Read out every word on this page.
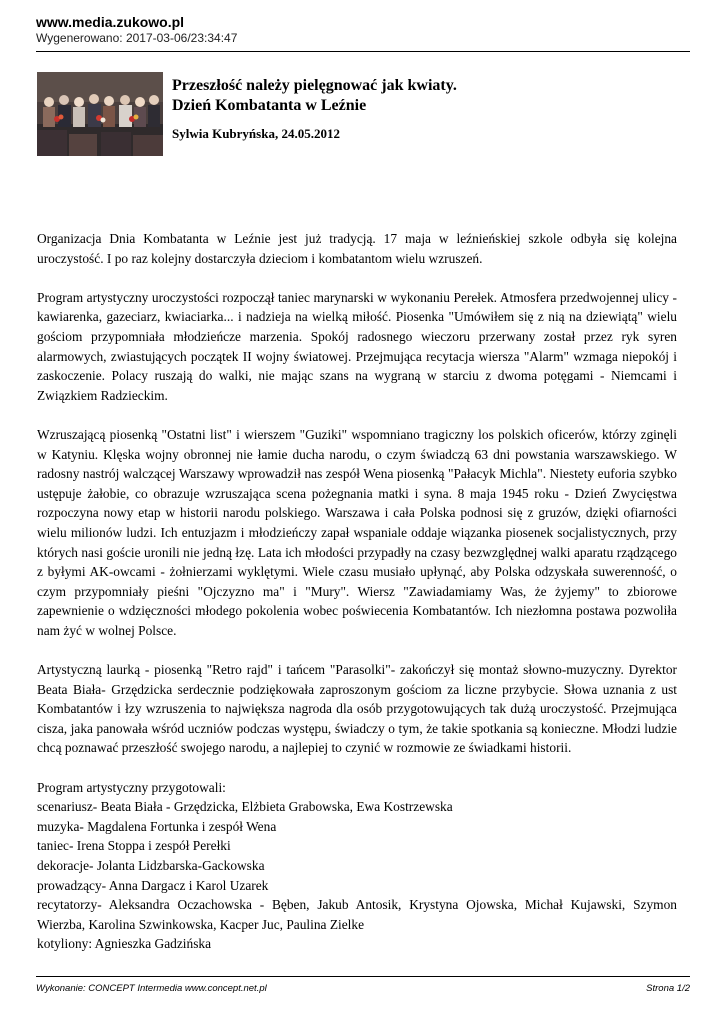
www.media.zukowo.pl
Wygenerowano: 2017-03-06/23:34:47
Przeszłość należy pielęgnować jak kwiaty.
Dzień Kombatanta w Leźnie
Sylwia Kubryńska, 24.05.2012

Organizacja Dnia Kombatanta w Leźnie jest już tradycją. 17 maja w leźnieńskiej szkole odbyła się kolejna uroczystość. I po raz kolejny dostarczyła dzieciom i kombatantom wielu wzruszeń.

Program artystyczny uroczystości rozpoczął taniec marynarski w wykonaniu Perełek. Atmosfera przedwojennej ulicy - kawiarenka, gazeciarz, kwiaciarka... i nadzieja na wielką miłość. Piosenka "Umówiłem się z nią na dziewiątą" wielu gościom przypomniała młodzieńcze marzenia. Spokój radosnego wieczoru przerwany został przez ryk syren alarmowych, zwiastujących początek II wojny światowej. Przejmująca recytacja wiersza "Alarm" wzmaga niepokój i zaskoczenie. Polacy ruszają do walki, nie mając szans na wygraną w starciu z dwoma potęgami - Niemcami i Związkiem Radzieckim.

Wzruszającą piosenką "Ostatni list" i wierszem "Guziki" wspomniano tragiczny los polskich oficerów, którzy zginęli w Katyniu. Klęska wojny obronnej nie łamie ducha narodu, o czym świadczą 63 dni powstania warszawskiego. W radosny nastrój walczącej Warszawy wprowadził nas zespół Wena piosenką "Pałacyk Michla". Niestety euforia szybko ustępuje żałobie, co obrazuje wzruszająca scena pożegnania matki i syna. 8 maja 1945 roku - Dzień Zwycięstwa rozpoczyna nowy etap w historii narodu polskiego. Warszawa i cała Polska podnosi się z gruzów, dzięki ofiarności wielu milionów ludzi. Ich entuzjazm i młodzieńczy zapał wspaniale oddaje wiązanka piosenek socjalistycznych, przy których nasi goście uronili nie jedną łzę. Lata ich młodości przypadły na czasy bezwzględnej walki aparatu rządzącego z byłymi AK-owcami - żołnierzami wyklętymi. Wiele czasu musiało upłynąć, aby Polska odzyskała suwerenność, o czym przypomniały pieśni "Ojczyzno ma" i "Mury". Wiersz "Zawiadamiamy Was, że żyjemy" to zbiorowe zapewnienie o wdzięczności młodego pokolenia wobec poświecenia Kombatantów. Ich niezłomna postawa pozwoliła nam żyć w wolnej Polsce.

Artystyczną laurką - piosenką "Retro rajd" i tańcem "Parasolki"- zakończył się montaż słowno-muzyczny. Dyrektor Beata Biała- Grzędzicka serdecznie podziękowała zaproszonym gościom za liczne przybycie. Słowa uznania z ust Kombatantów i łzy wzruszenia to największa nagroda dla osób przygotowujących tak dużą uroczystość. Przejmująca cisza, jaka panowała wśród uczniów podczas występu, świadczy o tym, że takie spotkania są konieczne. Młodzi ludzie chcą poznawać przeszłość swojego narodu, a najlepiej to czynić w rozmowie ze świadkami historii.

Program artystyczny przygotowali:
scenariusz- Beata Biała - Grzędzicka, Elżbieta Grabowska, Ewa Kostrzewska
muzyka- Magdalena Fortunka i zespół Wena
taniec- Irena Stoppa i zespół Perełki
dekoracje- Jolanta Lidzbarska-Gackowska
prowadzący- Anna Dargacz i Karol Uzarek
recytatorzy- Aleksandra Oczachowska - Bęben, Jakub Antosik, Krystyna Ojowska, Michał Kujawski, Szymon Wierzba, Karolina Szwinkowska, Kacper Juc, Paulina Zielke
kotyliony: Agnieszka Gadzińska
Wykonanie: CONCEPT Intermedia www.concept.net.pl	Strona 1/2
